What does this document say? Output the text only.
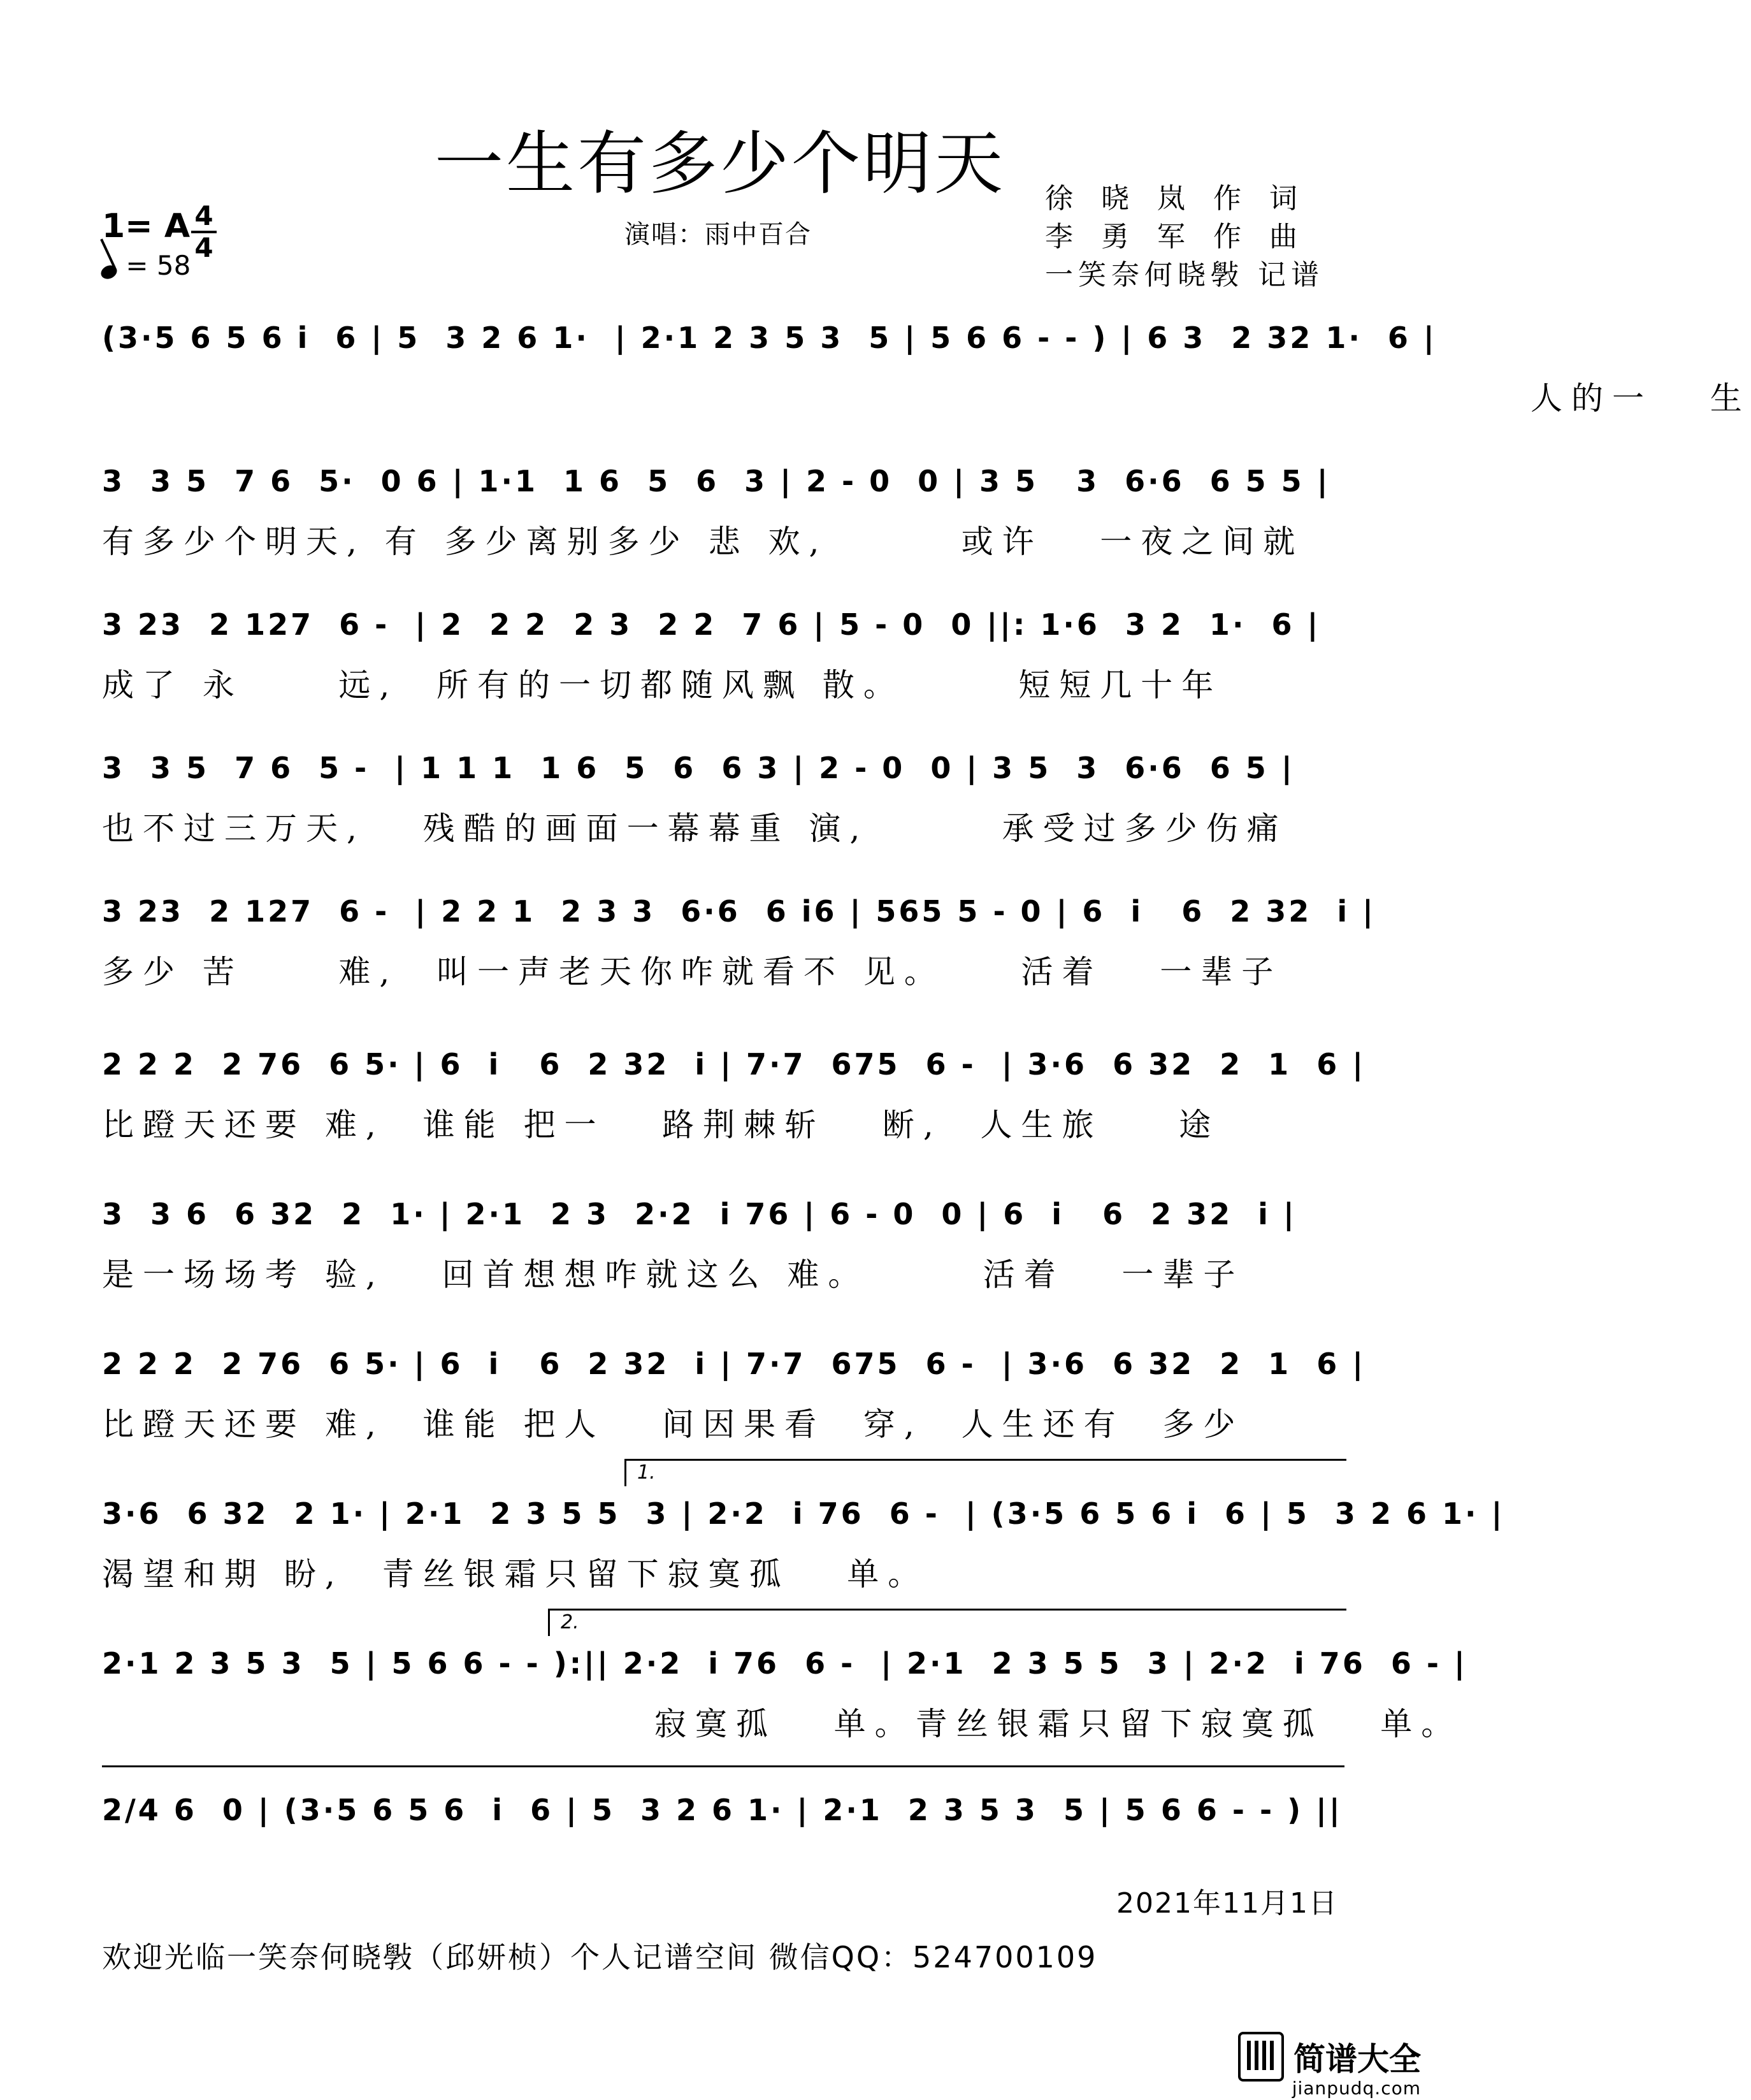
一生有多少个明天
1= A 4
4
= 58
演唱：雨中百合
徐晓岚作词
李勇军作曲
一笑奈何晓斅 记谱
(3·5 6 5 6 i  6 | 5  3 2 6 1·  | 2·1 2 3 5 3  5 | 5 6 6 - - ) | 6 3  2 32 1·  6 |
人的一   生
3  3 5  7 6  5·  0 6 | 1·1  1 6  5  6  3 | 2 - 0  0 | 3 5   3  6·6  6 5 5 |
有多少个明天, 有 多少离别多少 悲 欢,       或许   一夜之间就
3 23  2 127  6 -  | 2  2 2  2 3  2 2  7 6 | 5 - 0  0 ||: 1·6  3 2  1·  6 |
成了 永     远,  所有的一切都随风飘 散。      短短几十年
3  3 5  7 6  5 -  | 1 1 1  1 6  5  6  6 3 | 2 - 0  0 | 3 5  3  6·6  6 5 |
也不过三万天,   残酷的画面一幕幕重 演,       承受过多少伤痛
3 23  2 127  6 -  | 2 2 1  2 3 3  6·6  6 i6 | 565 5 - 0 | 6  i   6  2 32  i |
多少 苦     难,  叫一声老天你咋就看不 见。    活着   一辈子
2 2 2  2 76  6 5· | 6  i   6  2 32  i | 7·7  675  6 -  | 3·6  6 32  2  1  6 |
比蹬天还要 难,  谁能 把一   路荆棘斩   断,  人生旅    途
3  3 6  6 32  2  1· | 2·1  2 3  2·2  i 76 | 6 - 0  0 | 6  i   6  2 32  i |
是一场场考 验,   回首想想咋就这么 难。      活着   一辈子
2 2 2  2 76  6 5· | 6  i   6  2 32  i | 7·7  675  6 -  | 3·6  6 32  2  1  6 |
比蹬天还要 难,  谁能 把人   间因果看  穿,  人生还有  多少
1.
3·6  6 32  2 1· | 2·1  2 3 5 5  3 | 2·2  i 76  6 -  | (3·5 6 5 6 i  6 | 5  3 2 6 1· |
渴望和期 盼,  青丝银霜只留下寂寞孤   单。
2.
2·1 2 3 5 3  5 | 5 6 6 - - ):|| 2·2  i 76  6 -  | 2·1  2 3 5 5  3 | 2·2  i 76  6 - |
寂寞孤   单。青丝银霜只留下寂寞孤   单。
2/4 6  0 | (3·5 6 5 6  i  6 | 5  3 2 6 1· | 2·1  2 3 5 3  5 | 5 6 6 - - ) ||
2021年11月1日
欢迎光临一笑奈何晓斅（邱妍桢）个人记谱空间 微信QQ：524700109
简谱大全
jianpudq.com
